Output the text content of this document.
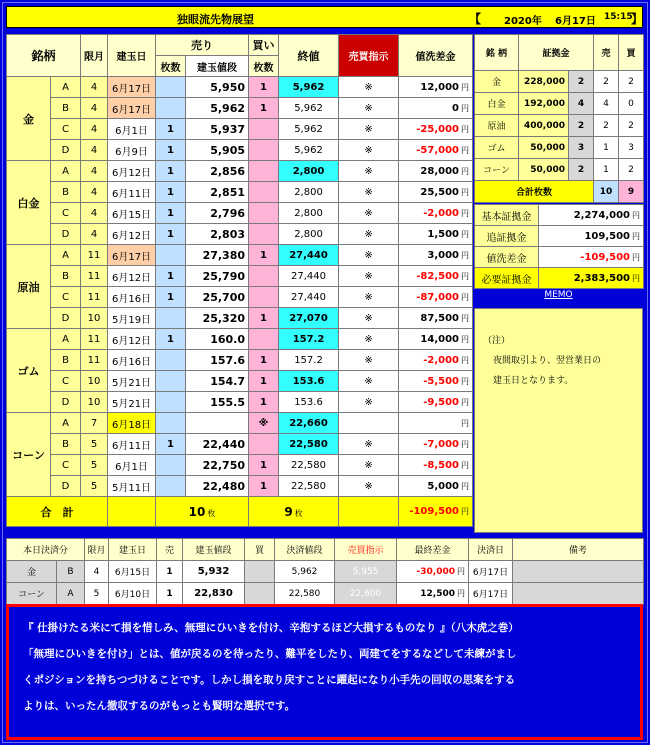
独眼流先物展望	【 2020年 6月17日 15:15
】
銘柄		限月	建玉日	売り		買い	終値	売買指示	値洗差金
				枚数	建玉値段	枚数			
金	A	4	6月17日		5,950	1	5,962	※	12,000 円
	B	4	6月17日		5,962	1	5,962	※	0 円
	C	4	6月1日	1	5,937		5,962	※	-25,000 円
	D	4	6月9日	1	5,905		5,962	※	-57,000 円
白金	A	4	6月12日	1	2,856		2,800	※	28,000 円
	B	4	6月11日	1	2,851		2,800	※	25,500 円
	C	4	6月15日	1	2,796		2,800	※	-2,000 円
	D	4	6月12日	1	2,803		2,800	※	1,500 円
原油	A	11	6月17日		27,380	1	27,440	※	3,000 円
	B	11	6月12日	1	25,790		27,440	※	-82,500 円
	C	11	6月16日	1	25,700		27,440	※	-87,000 円
	D	10	5月19日		25,320	1	27,070	※	87,500 円
ゴム	A	11	6月12日	1	160.0		157.2	※	14,000 円
	B	11	6月16日		157.6	1	157.2	※	-2,000 円
	C	10	5月21日		154.7	1	153.6	※	-5,500 円
	D	10	5月21日		155.5	1	153.6	※	-9,500 円
コーン	A	7	6月18日			※	22,660		円
	B	5	6月11日	1	22,440		22,580	※	-7,000 円
	C	5	6月1日		22,750	1	22,580	※	-8,500 円
	D	5	5月11日		22,480	1	22,580	※	5,000 円
合　計				10 枚		9 枚			-109,500 円
銘 柄	証拠金		売	買
金	228,000	2	2	2
白金	192,000	4	4	0
原油	400,000	2	2	2
ゴム	50,000	3	1	3
コーン	50,000	2	1	2
合計枚数			10	9
基本証拠金	2,274,000 円
追証拠金	109,500 円
値洗差金	-109,500 円
必要証拠金	2,383,500 円
MEMO
（注）
夜間取引より、翌営業日の
建玉日となります。
本日決済分		限月	建玉日	売	建玉値段	買	決済値段	売買指示	最終差金	決済日	備考
金	B	4	6月15日	1	5,932		5,962	5,955	-30,000 円	6月17日	
コーン	A	5	6月10日	1	22,830		22,580	22,600	12,500 円	6月17日	

『 仕掛けたる米にて損を惜しみ、無理にひいきを付け、辛抱するほど大損するものなり 』（八木虎之巻）

「無理にひいきを付け」とは、値が戻るのを待ったり、難平をしたり、両建てをするなどして未練がまし

くポジションを持ちつづけることです。しかし損を取り戻すことに躍起になり小手先の回収の思案をする

よりは、いったん撤収するのがもっとも賢明な選択です。
